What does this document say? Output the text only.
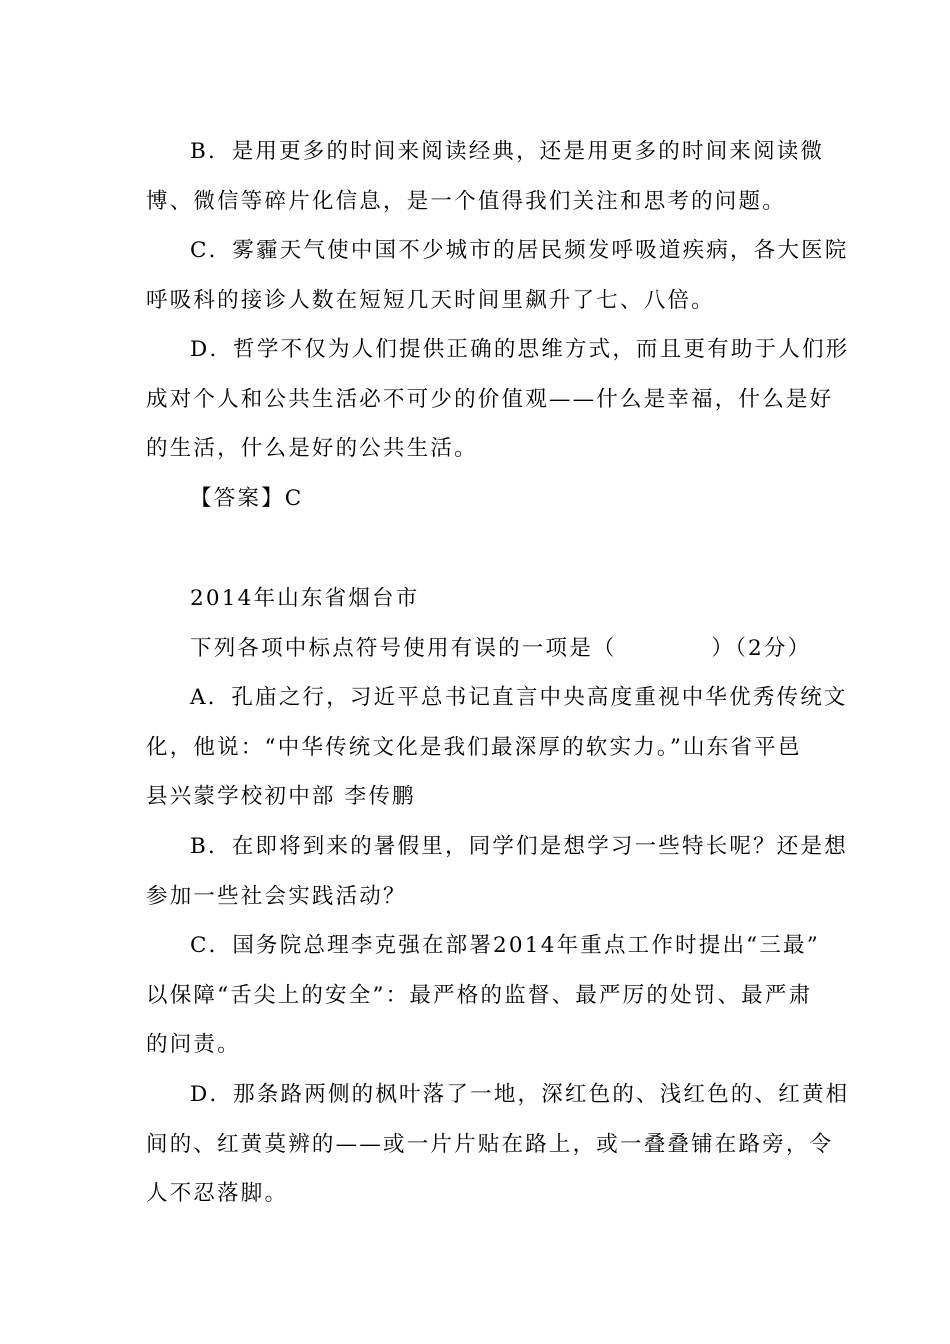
B．是用更多的时间来阅读经典，还是用更多的时间来阅读微
博、微信等碎片化信息，是一个值得我们关注和思考的问题。
C．雾霾天气使中国不少城市的居民频发呼吸道疾病，各大医院
呼吸科的接诊人数在短短几天时间里飙升了七、八倍。
D．哲学不仅为人们提供正确的思维方式，而且更有助于人们形
成对个人和公共生活必不可少的价值观——什么是幸福，什么是好
的生活，什么是好的公共生活。
【答案】C
2014年山东省烟台市
下列各项中标点符号使用有误的一项是（　　　　）（2分）
A．孔庙之行，习近平总书记直言中央高度重视中华优秀传统文
化，他说：“中华传统文化是我们最深厚的软实力。”山东省平邑
县兴蒙学校初中部 李传鹏
B．在即将到来的暑假里，同学们是想学习一些特长呢？还是想
参加一些社会实践活动？
C．国务院总理李克强在部署2014年重点工作时提出“三最”
以保障“舌尖上的安全”：最严格的监督、最严厉的处罚、最严肃
的问责。
D．那条路两侧的枫叶落了一地，深红色的、浅红色的、红黄相
间的、红黄莫辨的——或一片片贴在路上，或一叠叠铺在路旁，令
人不忍落脚。
